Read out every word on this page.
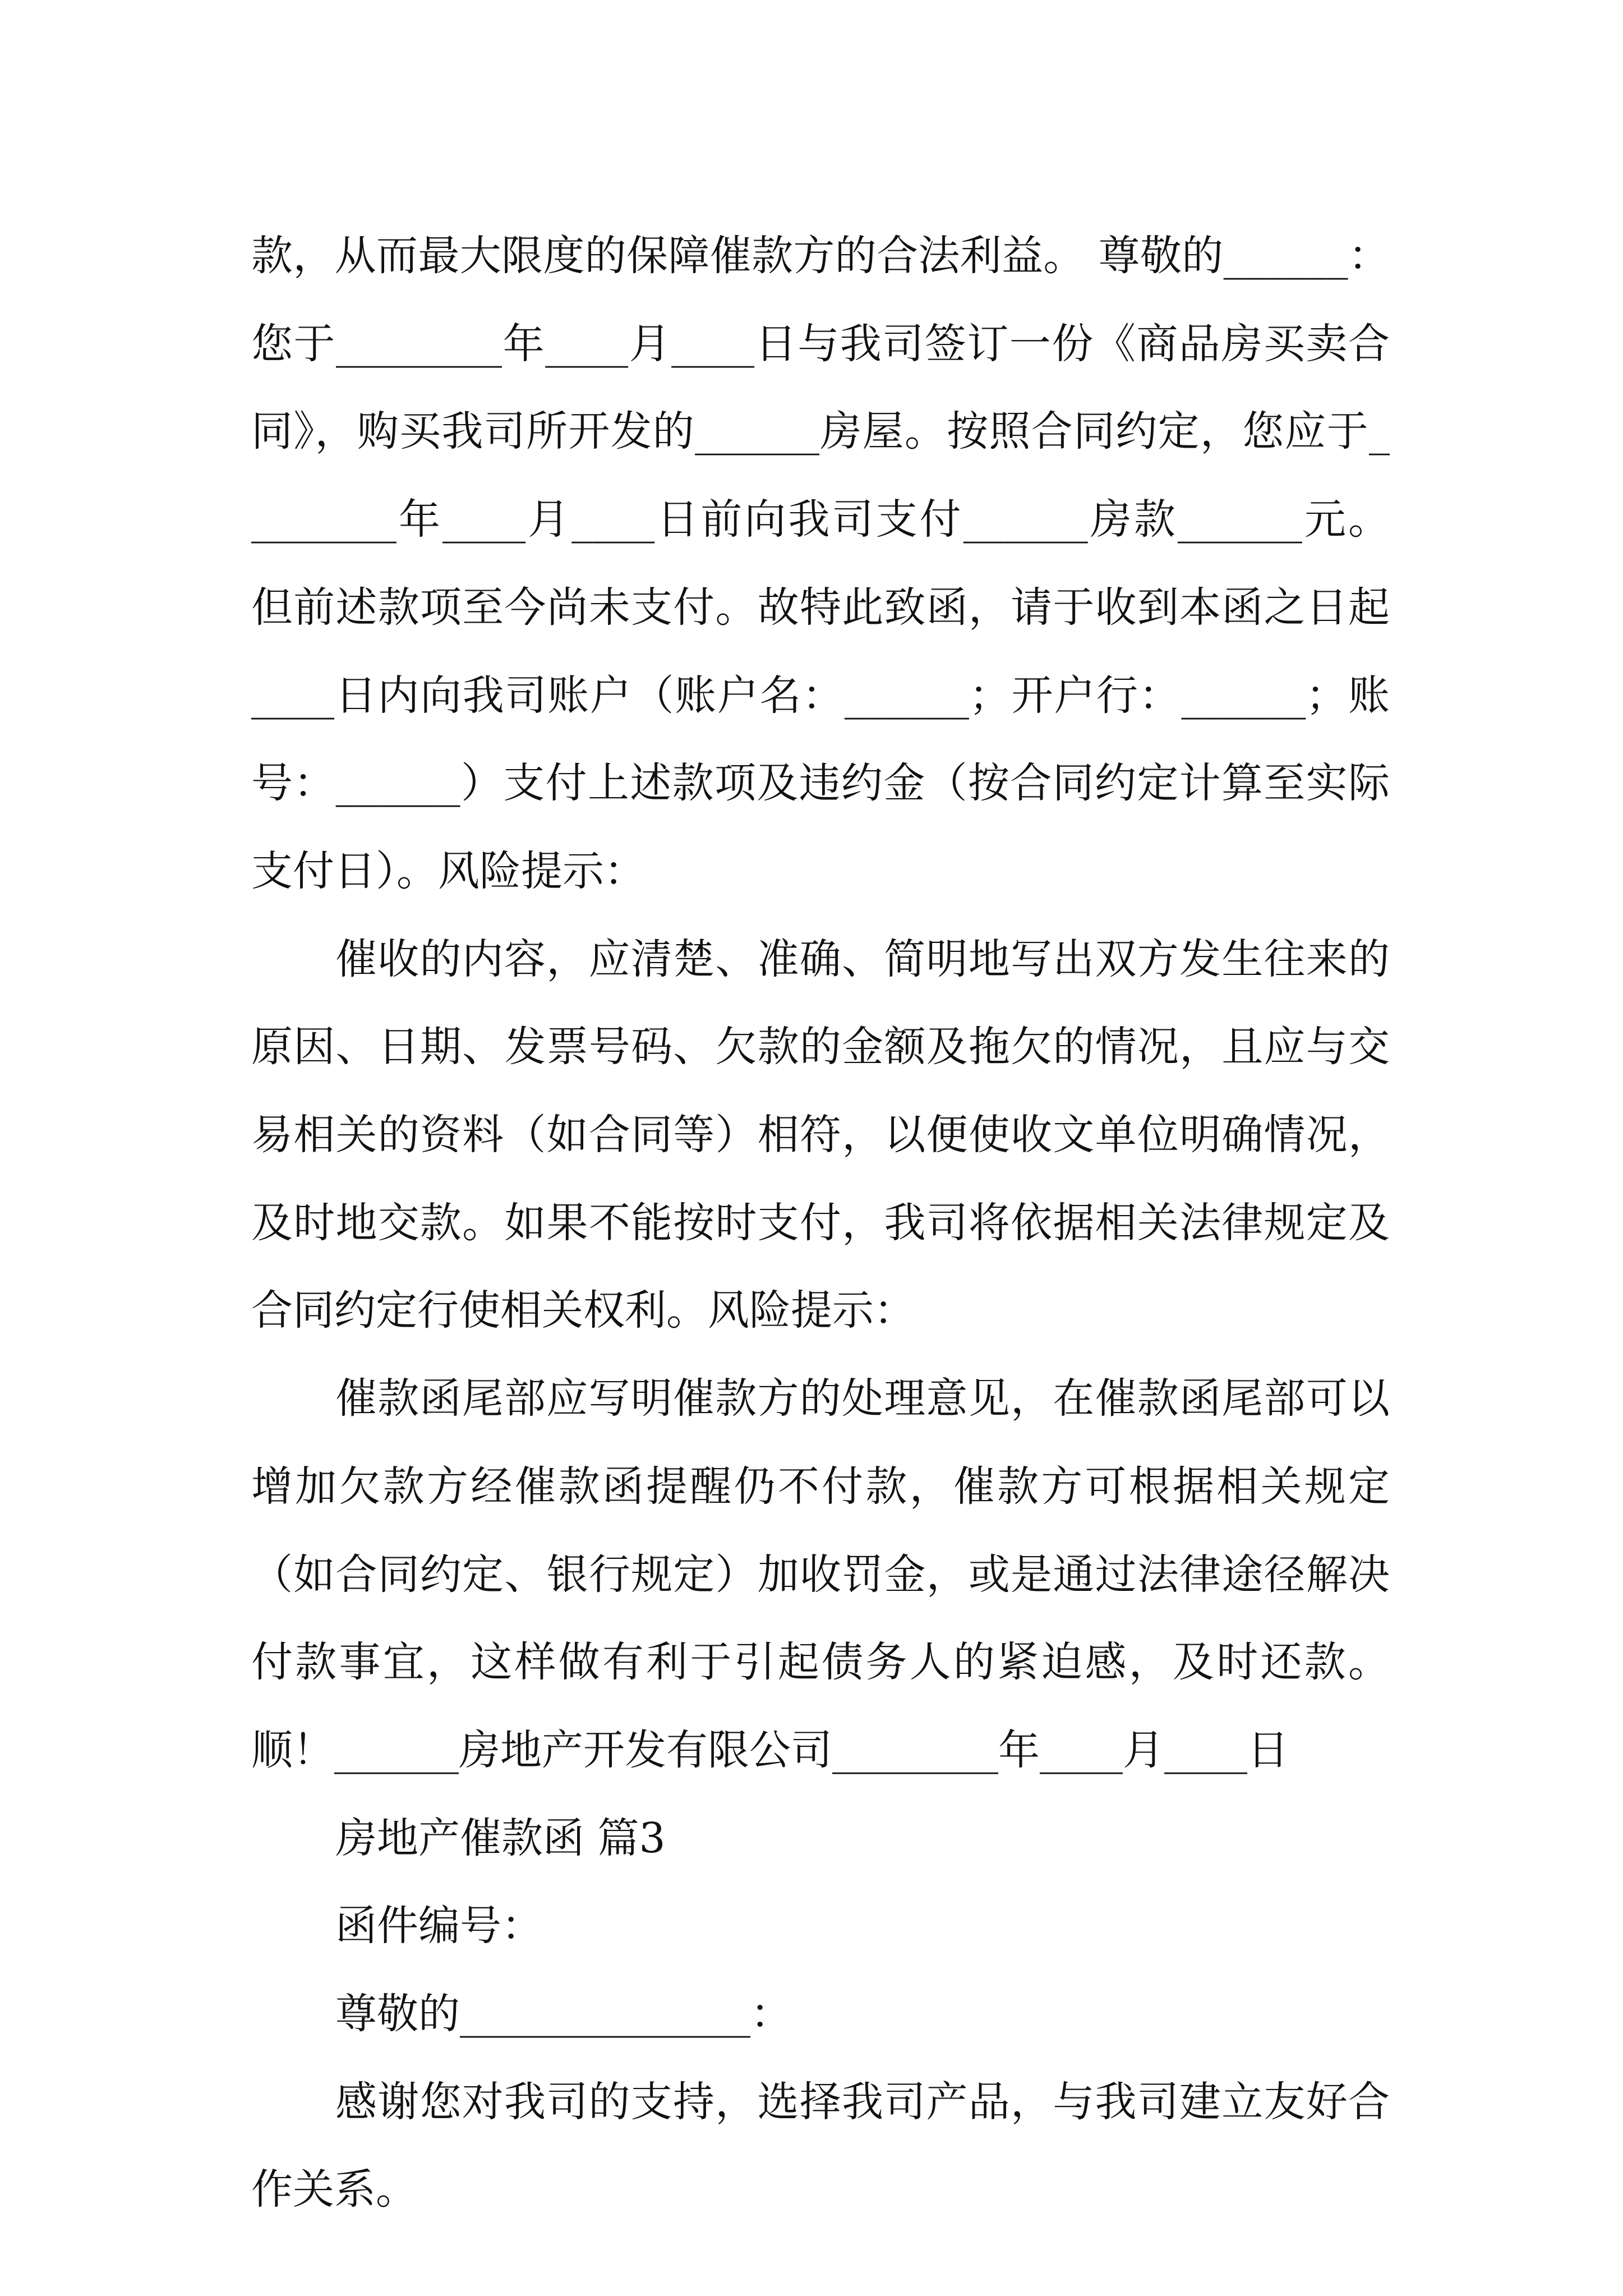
款，从而最大限度的保障催款方的合法利益。 尊敬的______：您于________年____月____日与我司签订一份《商品房买卖合同》，购买我司所开发的______房屋。按照合同约定，您应于________年____月____日前向我司支付______房款______元。但前述款项至今尚未支付。故特此致函，请于收到本函之日起____日内向我司账户（账户名：______；开户行：______；账号：______）支付上述款项及违约金（按合同约定计算至实际支付日）。风险提示：

催收的内容，应清楚、准确、简明地写出双方发生往来的原因、日期、发票号码、欠款的金额及拖欠的情况，且应与交易相关的资料（如合同等）相符，以便使收文单位明确情况，及时地交款。如果不能按时支付，我司将依据相关法律规定及合同约定行使相关权利。风险提示：

催款函尾部应写明催款方的处理意见，在催款函尾部可以增加欠款方经催款函提醒仍不付款，催款方可根据相关规定（如合同约定、银行规定）加收罚金，或是通过法律途径解决付款事宜，这样做有利于引起债务人的紧迫感，及时还款。顺！______房地产开发有限公司________年____月____日

房地产催款函 篇3

函件编号：

尊敬的______________：

感谢您对我司的支持，选择我司产品，与我司建立友好合作关系。
